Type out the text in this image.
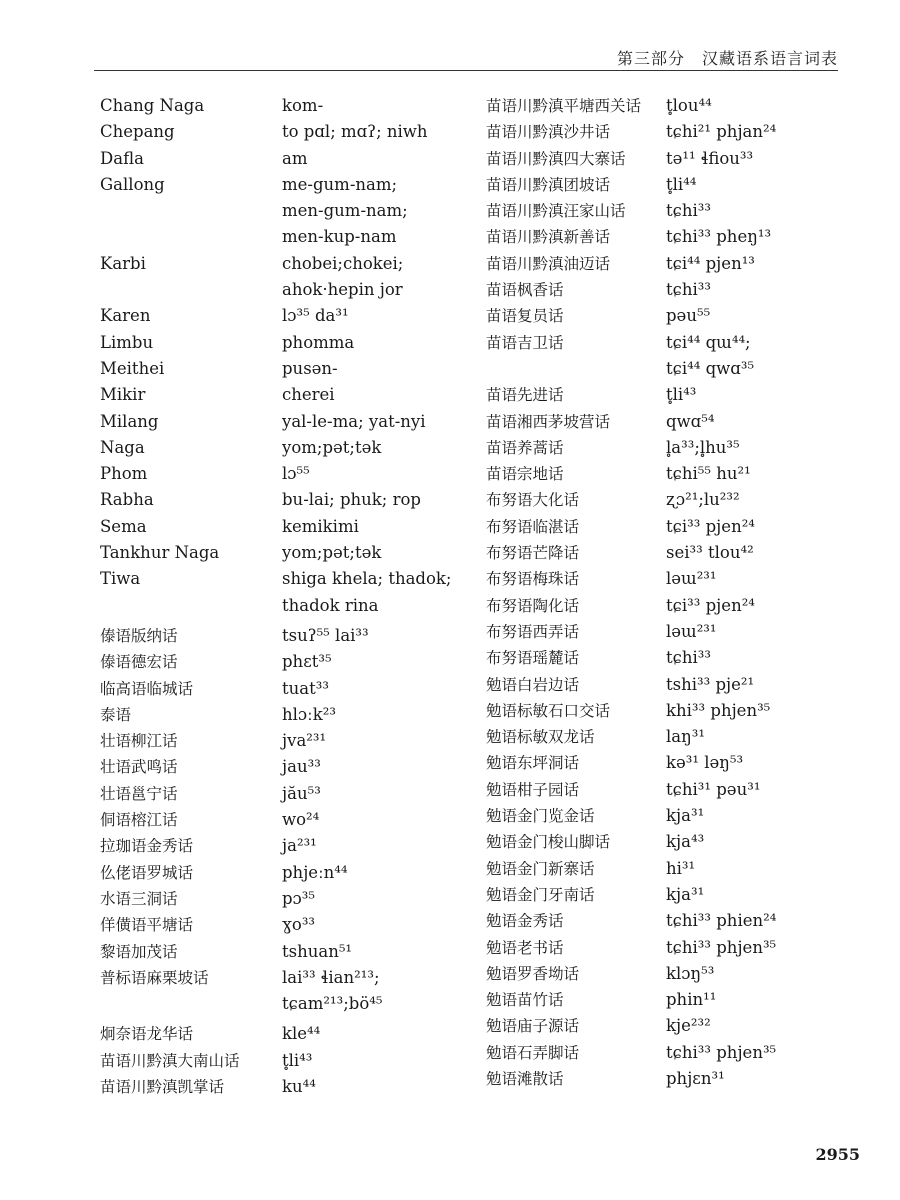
第三部分　汉藏语系语言词表
Chang Naga	kom-
Chepang	to pɑl; mɑʔ; niwh
Dafla	am
Gallong	me-gum-nam;
men-gum-nam;
men-kup-nam
Karbi	chobei;chokei;
ahok·hepin jor
Karen	lɔ³⁵ da³¹
Limbu	phomma
Meithei	pusən-
Mikir	cherei
Milang	yal-le-ma; yat-nyi
Naga	yom;pət;tək
Phom	lɔ⁵⁵
Rabha	bu-lai; phuk; rop
Sema	kemikimi
Tankhur Naga	yom;pət;tək
Tiwa	shiga khela; thadok;
thadok rina
傣语版纳话	tsuʔ⁵⁵ lai³³
傣语德宏话	phɛt³⁵
临高语临城话	tuat³³
泰语	hlɔːk²³
壮语柳江话	jva²³¹
壮语武鸣话	jau³³
壮语邕宁话	jău⁵³
侗语榕江话	wo²⁴
拉珈语金秀话	ja²³¹
仫佬语罗城话	phjeːn⁴⁴
水语三洞话	pɔ³⁵
佯僙语平塘话	ɣo³³
黎语加茂话	tshuan⁵¹
普标语麻栗坡话	lai³³ ɬian²¹³;
tɕam²¹³;bö⁴⁵
炯奈语龙华话	kle⁴⁴
苗语川黔滇大南山话	t̥li⁴³
苗语川黔滇凯掌话	ku⁴⁴
苗语川黔滇平塘西关话	t̥lou⁴⁴
苗语川黔滇沙井话	tɕhi²¹ phjan²⁴
苗语川黔滇四大寨话	tə¹¹ ɬfiou³³
苗语川黔滇团坡话	t̥li⁴⁴
苗语川黔滇汪家山话	tɕhi³³
苗语川黔滇新善话	tɕhi³³ pheŋ¹³
苗语川黔滇油迈话	tɕi⁴⁴ pjen¹³
苗语枫香话	tɕhi³³
苗语复员话	pəu⁵⁵
苗语吉卫话	tɕi⁴⁴ qɯ⁴⁴;
tɕi⁴⁴ qwɑ³⁵
苗语先进话	t̥li⁴³
苗语湘西茅坡营话	qwɑ⁵⁴
苗语养蒿话	l̥a³³;l̥hu³⁵
苗语宗地话	tɕhi⁵⁵ hu²¹
布努语大化话	ʐɔ²¹;lu²³²
布努语临湛话	tɕi³³ pjen²⁴
布努语芒降话	sei³³ tlou⁴²
布努语梅珠话	ləɯ²³¹
布努语陶化话	tɕi³³ pjen²⁴
布努语西弄话	ləɯ²³¹
布努语瑶麓话	tɕhi³³
勉语白岩边话	tshi³³ pje²¹
勉语标敏石口交话	khi³³ phjen³⁵
勉语标敏双龙话	laŋ³¹
勉语东坪洞话	kə³¹ ləŋ⁵³
勉语柑子园话	tɕhi³¹ pəu³¹
勉语金门览金话	kja³¹
勉语金门梭山脚话	kja⁴³
勉语金门新寨话	hi³¹
勉语金门牙南话	kja³¹
勉语金秀话	tɕhi³³ phien²⁴
勉语老书话	tɕhi³³ phjen³⁵
勉语罗香坳话	klɔŋ⁵³
勉语苗竹话	phin¹¹
勉语庙子源话	kje²³²
勉语石弄脚话	tɕhi³³ phjen³⁵
勉语滩散话	phjɛn³¹
2955
